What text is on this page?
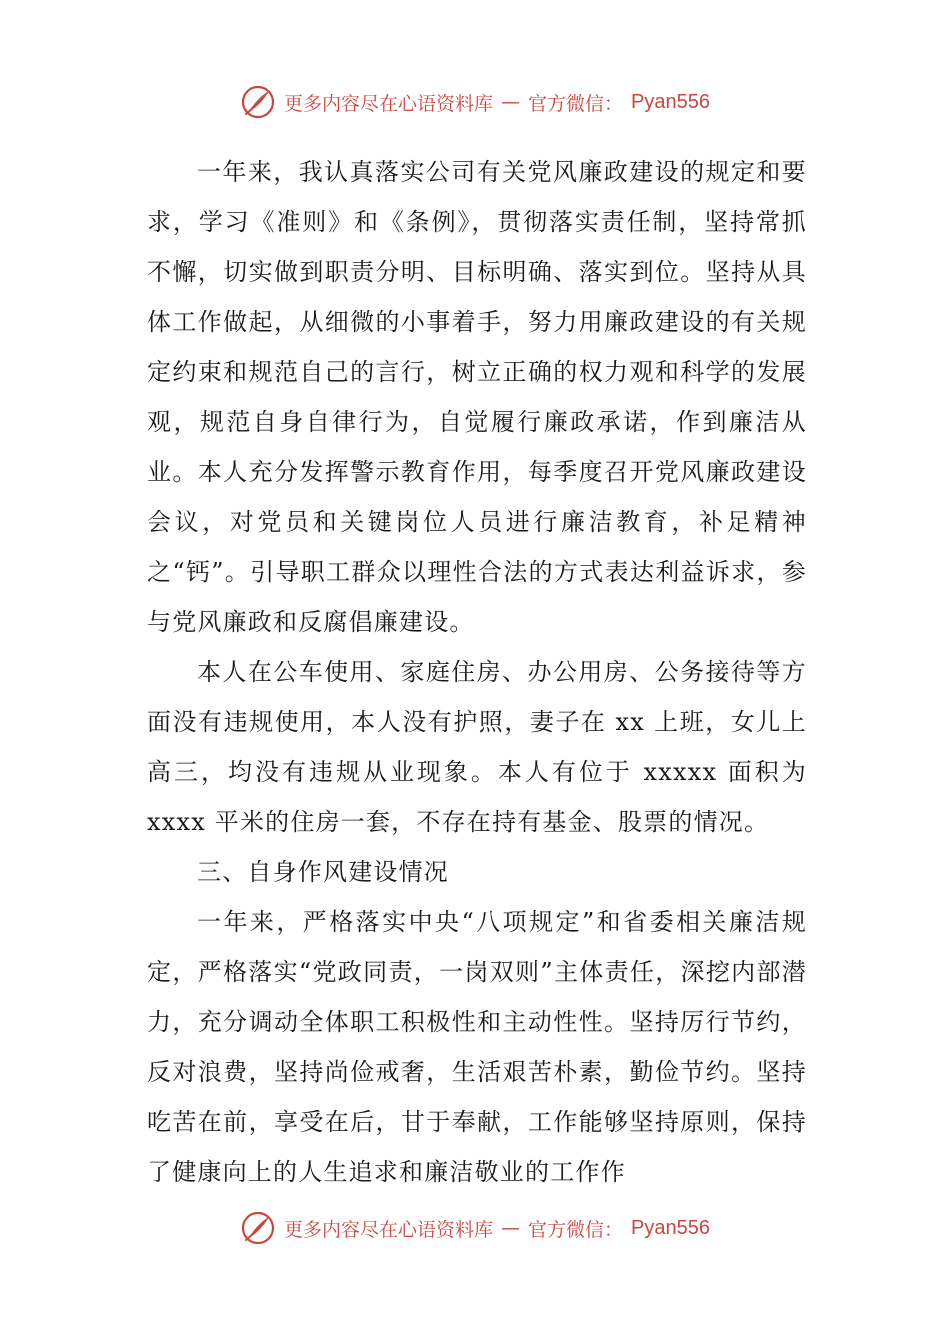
更多内容尽在心语资料库 — 官方微信： Pyan556

一年来，我认真落实公司有关党风廉政建设的规定和要求，学习《准则》和《条例》，贯彻落实责任制，坚持常抓不懈，切实做到职责分明、目标明确、落实到位。坚持从具体工作做起，从细微的小事着手，努力用廉政建设的有关规定约束和规范自己的言行，树立正确的权力观和科学的发展观，规范自身自律行为，自觉履行廉政承诺，作到廉洁从业。本人充分发挥警示教育作用，每季度召开党风廉政建设会议，对党员和关键岗位人员进行廉洁教育，补足精神之“钙”。引导职工群众以理性合法的方式表达利益诉求，参与党风廉政和反腐倡廉建设。

本人在公车使用、家庭住房、办公用房、公务接待等方面没有违规使用，本人没有护照，妻子在 xx 上班，女儿上高三，均没有违规从业现象。本人有位于 xxxxx 面积为 xxxx 平米的住房一套，不存在持有基金、股票的情况。

三、自身作风建设情况

一年来，严格落实中央“八项规定”和省委相关廉洁规定，严格落实“党政同责，一岗双则”主体责任，深挖内部潜力，充分调动全体职工积极性和主动性性。坚持厉行节约，反对浪费，坚持尚俭戒奢，生活艰苦朴素，勤俭节约。坚持吃苦在前，享受在后，甘于奉献，工作能够坚持原则，保持了健康向上的人生追求和廉洁敬业的工作作

更多内容尽在心语资料库 — 官方微信： Pyan556
